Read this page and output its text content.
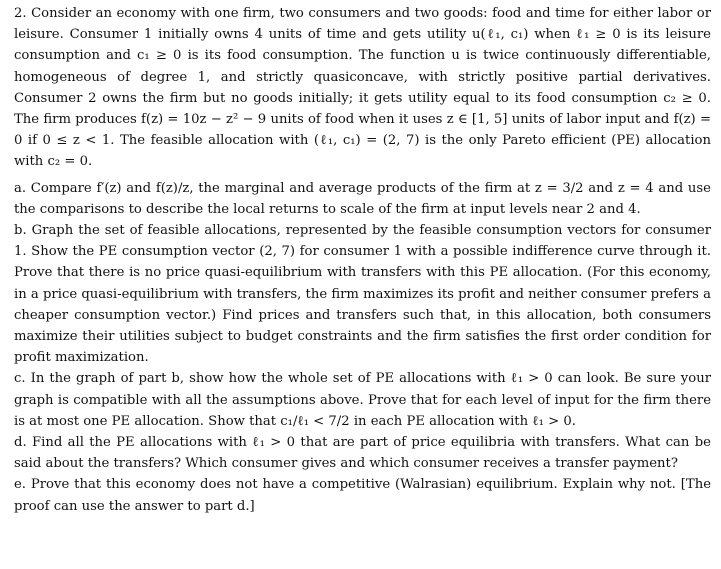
2. Consider an economy with one firm, two consumers and two goods: food and time for either labor or leisure. Consumer 1 initially owns 4 units of time and gets utility u(ℓ₁, c₁) when ℓ₁ ≥ 0 is its leisure consumption and c₁ ≥ 0 is its food consumption. The function u is twice continuously differentiable, homogeneous of degree 1, and strictly quasiconcave, with strictly positive partial derivatives. Consumer 2 owns the firm but no goods initially; it gets utility equal to its food consumption c₂ ≥ 0. The firm produces f(z) = 10z − z² − 9 units of food when it uses z ∈ [1, 5] units of labor input and f(z) = 0 if 0 ≤ z < 1. The feasible allocation with (ℓ₁, c₁) = (2, 7) is the only Pareto efficient (PE) allocation with c₂ = 0.

a. Compare f′(z) and f(z)/z, the marginal and average products of the firm at z = 3/2 and z = 4 and use the comparisons to describe the local returns to scale of the firm at input levels near 2 and 4.

b. Graph the set of feasible allocations, represented by the feasible consumption vectors for consumer 1. Show the PE consumption vector (2, 7) for consumer 1 with a possible indifference curve through it. Prove that there is no price quasi-equilibrium with transfers with this PE allocation. (For this economy, in a price quasi-equilibrium with transfers, the firm maximizes its profit and neither consumer prefers a cheaper consumption vector.) Find prices and transfers such that, in this allocation, both consumers maximize their utilities subject to budget constraints and the firm satisfies the first order condition for profit maximization.

c. In the graph of part b, show how the whole set of PE allocations with ℓ₁ > 0 can look. Be sure your graph is compatible with all the assumptions above. Prove that for each level of input for the firm there is at most one PE allocation. Show that c₁/ℓ₁ < 7/2 in each PE allocation with ℓ₁ > 0.

d. Find all the PE allocations with ℓ₁ > 0 that are part of price equilibria with transfers. What can be said about the transfers? Which consumer gives and which consumer receives a transfer payment?

e. Prove that this economy does not have a competitive (Walrasian) equilibrium. Explain why not. [The proof can use the answer to part d.]
